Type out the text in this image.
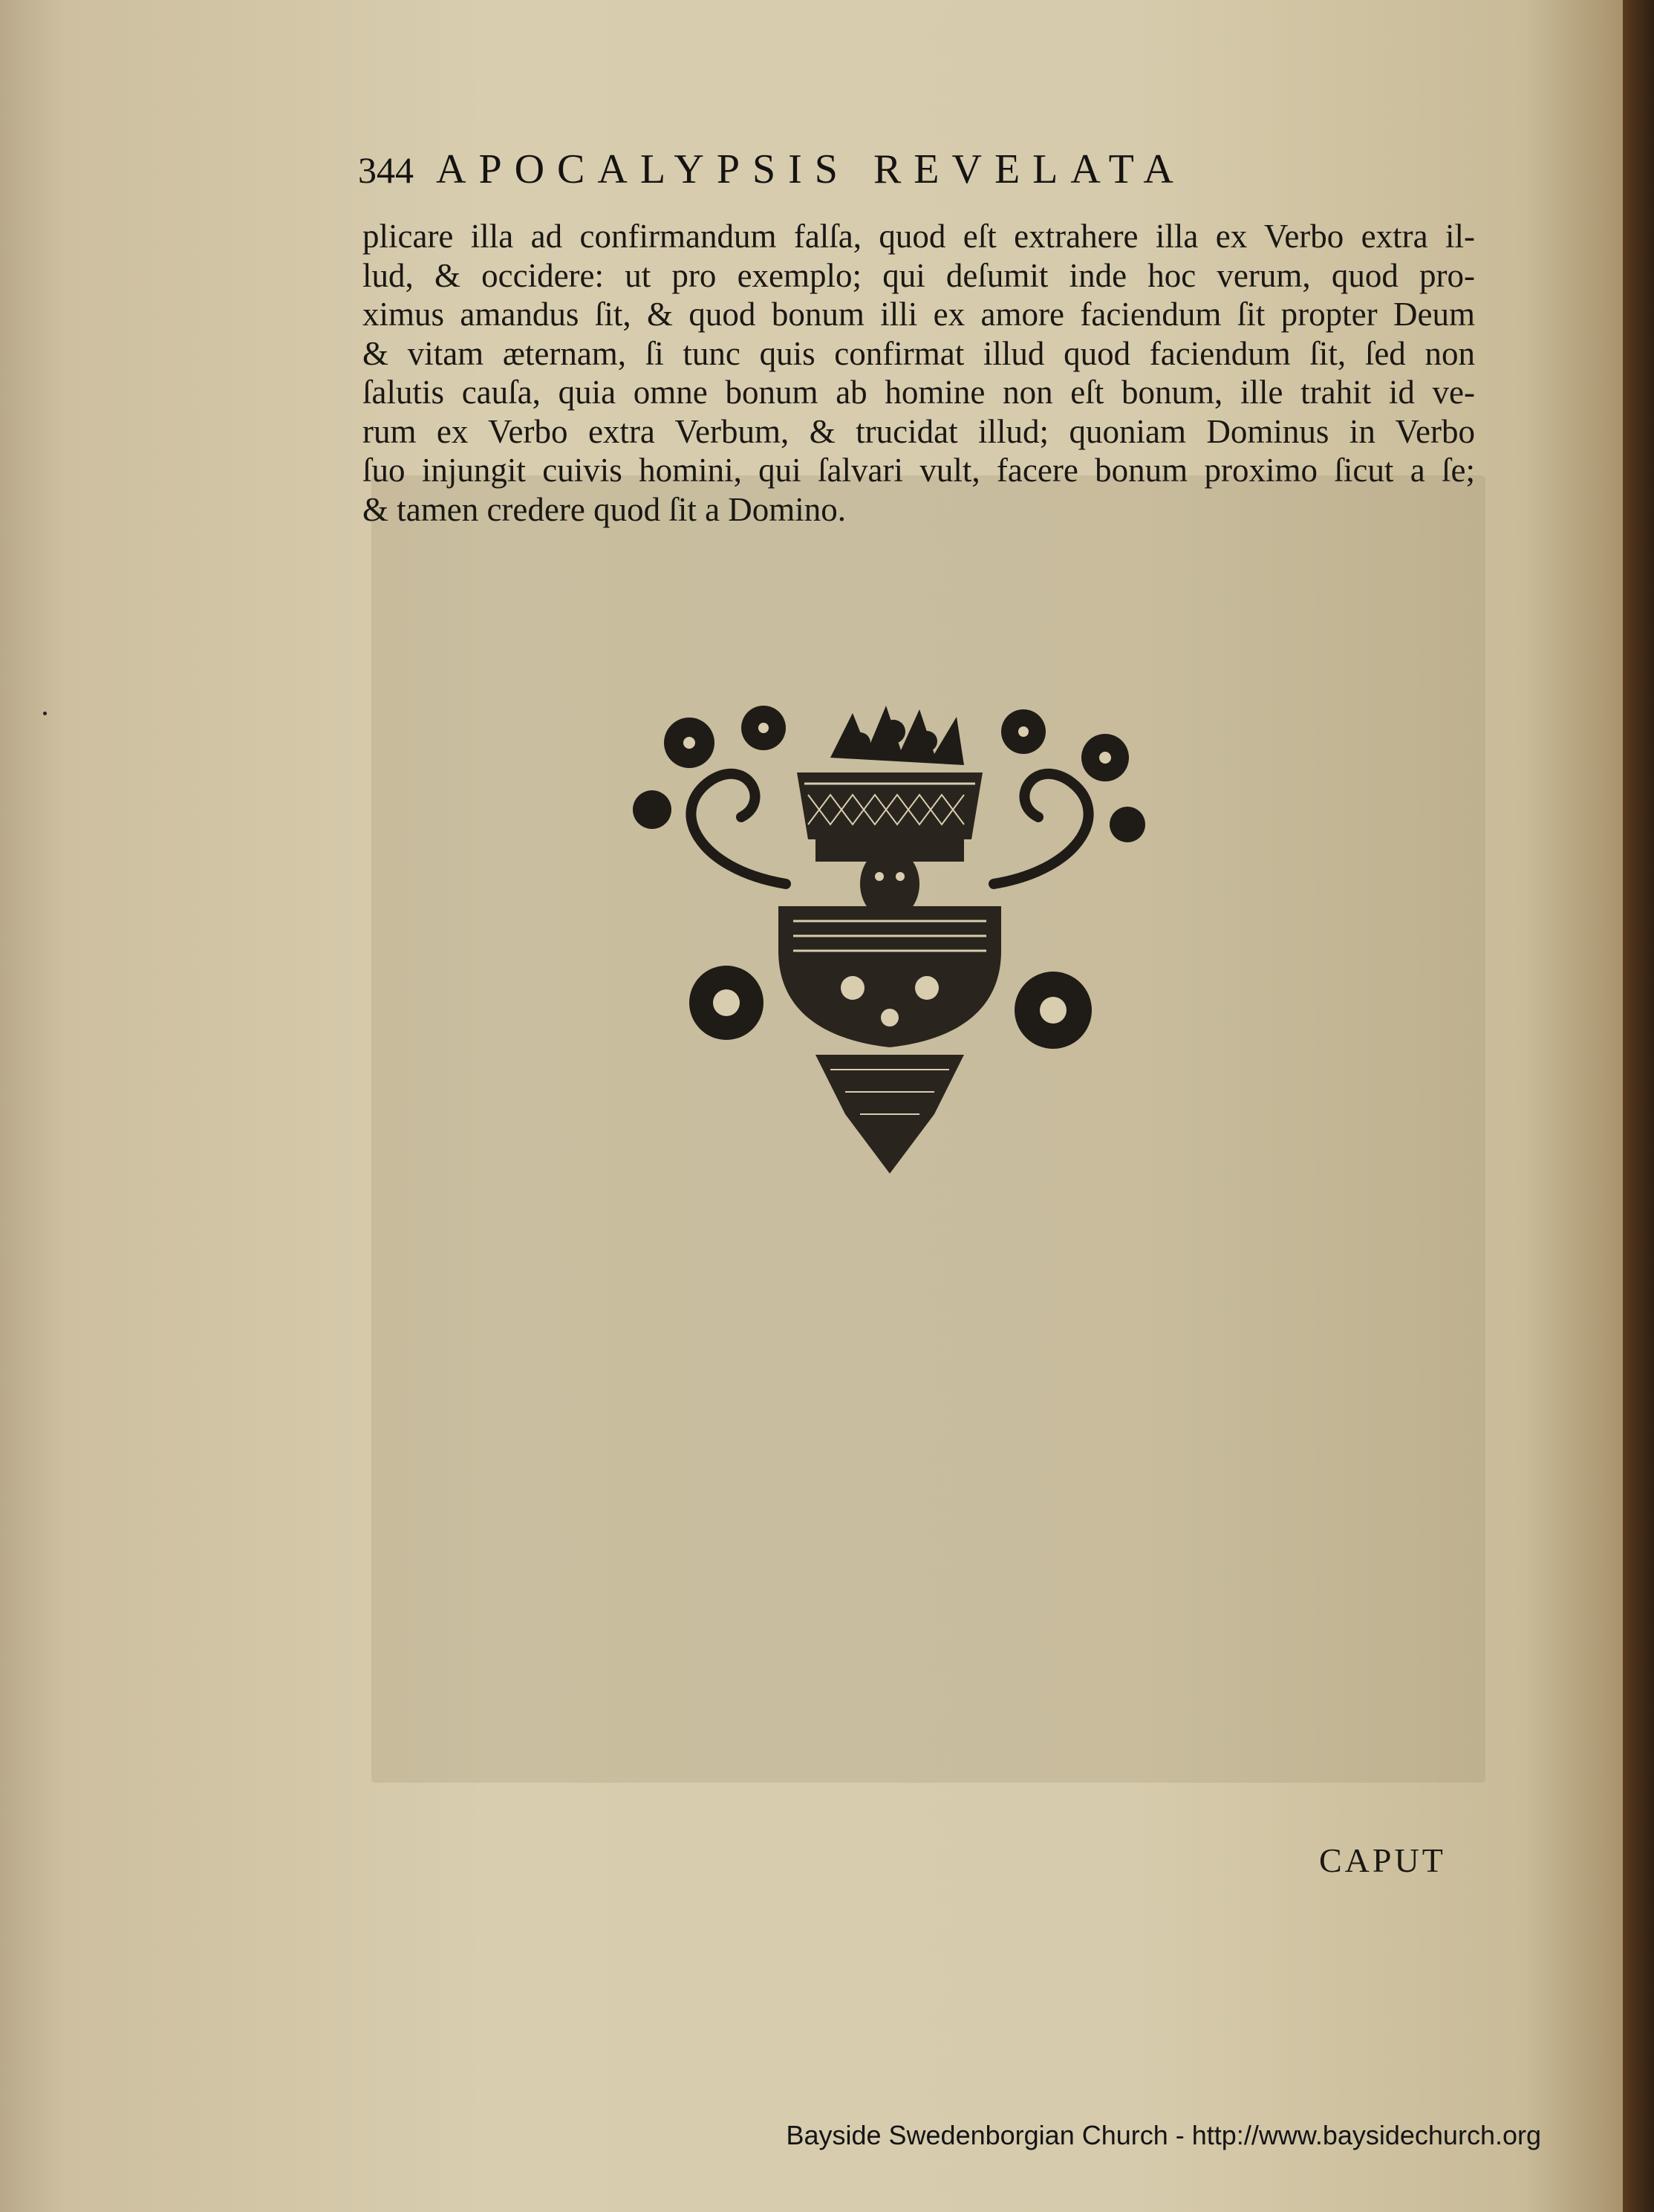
344 APOCALYPSIS REVELATA
plicare illa ad confirmandum falſa, quod eſt extrahere illa ex Verbo extra il-
lud, & occidere: ut pro exemplo; qui deſumit inde hoc verum, quod pro-
ximus amandus ſit, & quod bonum illi ex amore faciendum ſit propter Deum
& vitam æternam, ſi tunc quis confirmat illud quod faciendum ſit, ſed non
ſalutis cauſa, quia omne bonum ab homine non eſt bonum, ille trahit id ve-
rum ex Verbo extra Verbum, & trucidat illud; quoniam Dominus in Verbo
ſuo injungit cuivis homini, qui ſalvari vult, facere bonum proximo ſicut a ſe;
& tamen credere quod ſit a Domino.
CAPUT
Bayside Swedenborgian Church - http://www.baysidechurch.org
